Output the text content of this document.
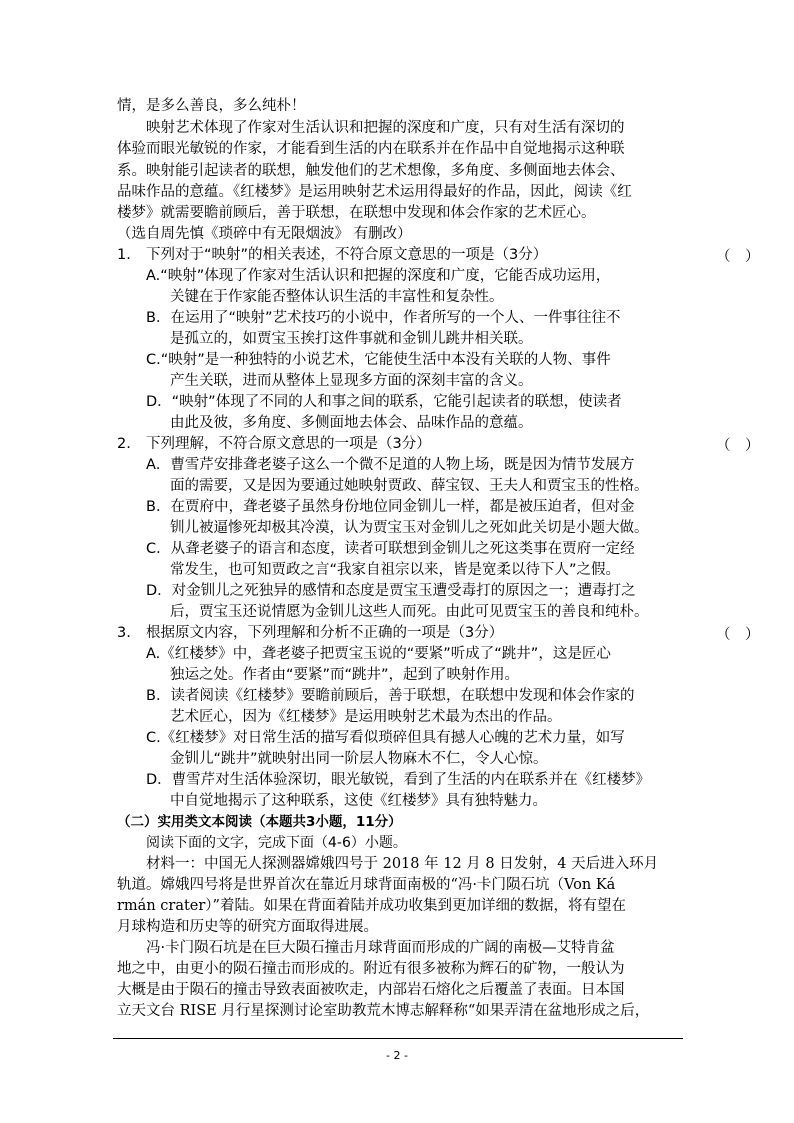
情，是多么善良，多么纯朴！
映射艺术体现了作家对生活认识和把握的深度和广度，只有对生活有深切的
体验而眼光敏锐的作家，才能看到生活的内在联系并在作品中自觉地揭示这种联
系。映射能引起读者的联想，触发他们的艺术想像，多角度、多侧面地去体会、
品味作品的意蕴。《红楼梦》是运用映射艺术运用得最好的作品，因此，阅读《红
楼梦》就需要瞻前顾后，善于联想，在联想中发现和体会作家的艺术匠心。
（选自周先慎《琐碎中有无限烟波》 有删改）
1. 下列对于“映射”的相关表述，不符合原文意思的一项是（3分）	（　）
A.“映射”体现了作家对生活认识和把握的深度和广度，它能否成功运用，
关键在于作家能否整体认识生活的丰富性和复杂性。
B．在运用了“映射”艺术技巧的小说中，作者所写的一个人、一件事往往不
是孤立的，如贾宝玉挨打这件事就和金钏儿跳井相关联。
C.“映射”是一种独特的小说艺术，它能使生活中本没有关联的人物、事件
产生关联，进而从整体上显现多方面的深刻丰富的含义。
D．“映射”体现了不同的人和事之间的联系，它能引起读者的联想，使读者
由此及彼，多角度、多侧面地去体会、品味作品的意蕴。
2. 下列理解，不符合原文意思的一项是（3分）	（　）
A．曹雪芹安排聋老婆子这么一个微不足道的人物上场，既是因为情节发展方
面的需要，又是因为要通过她映射贾政、薛宝钗、王夫人和贾宝玉的性格。
B．在贾府中，聋老婆子虽然身份地位同金钏儿一样，都是被压迫者，但对金
钏儿被逼惨死却极其冷漠，认为贾宝玉对金钏儿之死如此关切是小题大做。
C．从聋老婆子的语言和态度，读者可联想到金钏儿之死这类事在贾府一定经
常发生，也可知贾政之言“我家自祖宗以来，皆是宽柔以待下人”之假。
D．对金钏儿之死独异的感情和态度是贾宝玉遭受毒打的原因之一；遭毒打之
后，贾宝玉还说情愿为金钏儿这些人而死。由此可见贾宝玉的善良和纯朴。
3. 根据原文内容，下列理解和分析不正确的一项是（3分）	（　）
A.《红楼梦》中，聋老婆子把贾宝玉说的“要紧”听成了“跳井”，这是匠心
独运之处。作者由“要紧”而“跳井”，起到了映射作用。
B．读者阅读《红楼梦》要瞻前顾后，善于联想，在联想中发现和体会作家的
艺术匠心，因为《红楼梦》是运用映射艺术最为杰出的作品。
C.《红楼梦》对日常生活的描写看似琐碎但具有撼人心魄的艺术力量，如写
金钏儿“跳井”就映射出同一阶层人物麻木不仁，令人心惊。
D．曹雪芹对生活体验深切，眼光敏锐，看到了生活的内在联系并在《红楼梦》
中自觉地揭示了这种联系，这使《红楼梦》具有独特魅力。
（二）实用类文本阅读（本题共3小题，11分）
阅读下面的文字，完成下面（4-6）小题。
材料一：中国无人探测器嫦娥四号于 2018 年 12 月 8 日发射，4 天后进入环月
轨道。嫦娥四号将是世界首次在靠近月球背面南极的“冯·卡门陨石坑（Von Ká
rmán crater）”着陆。如果在背面着陆并成功收集到更加详细的数据，将有望在
月球构造和历史等的研究方面取得进展。
冯·卡门陨石坑是在巨大陨石撞击月球背面而形成的广阔的南极—艾特肯盆
地之中，由更小的陨石撞击而形成的。附近有很多被称为辉石的矿物，一般认为
大概是由于陨石的撞击导致表面被吹走，内部岩石熔化之后覆盖了表面。日本国
立天文台 RISE 月行星探测讨论室助教荒木博志解释称“如果弄清在盆地形成之后，
- 2 -
